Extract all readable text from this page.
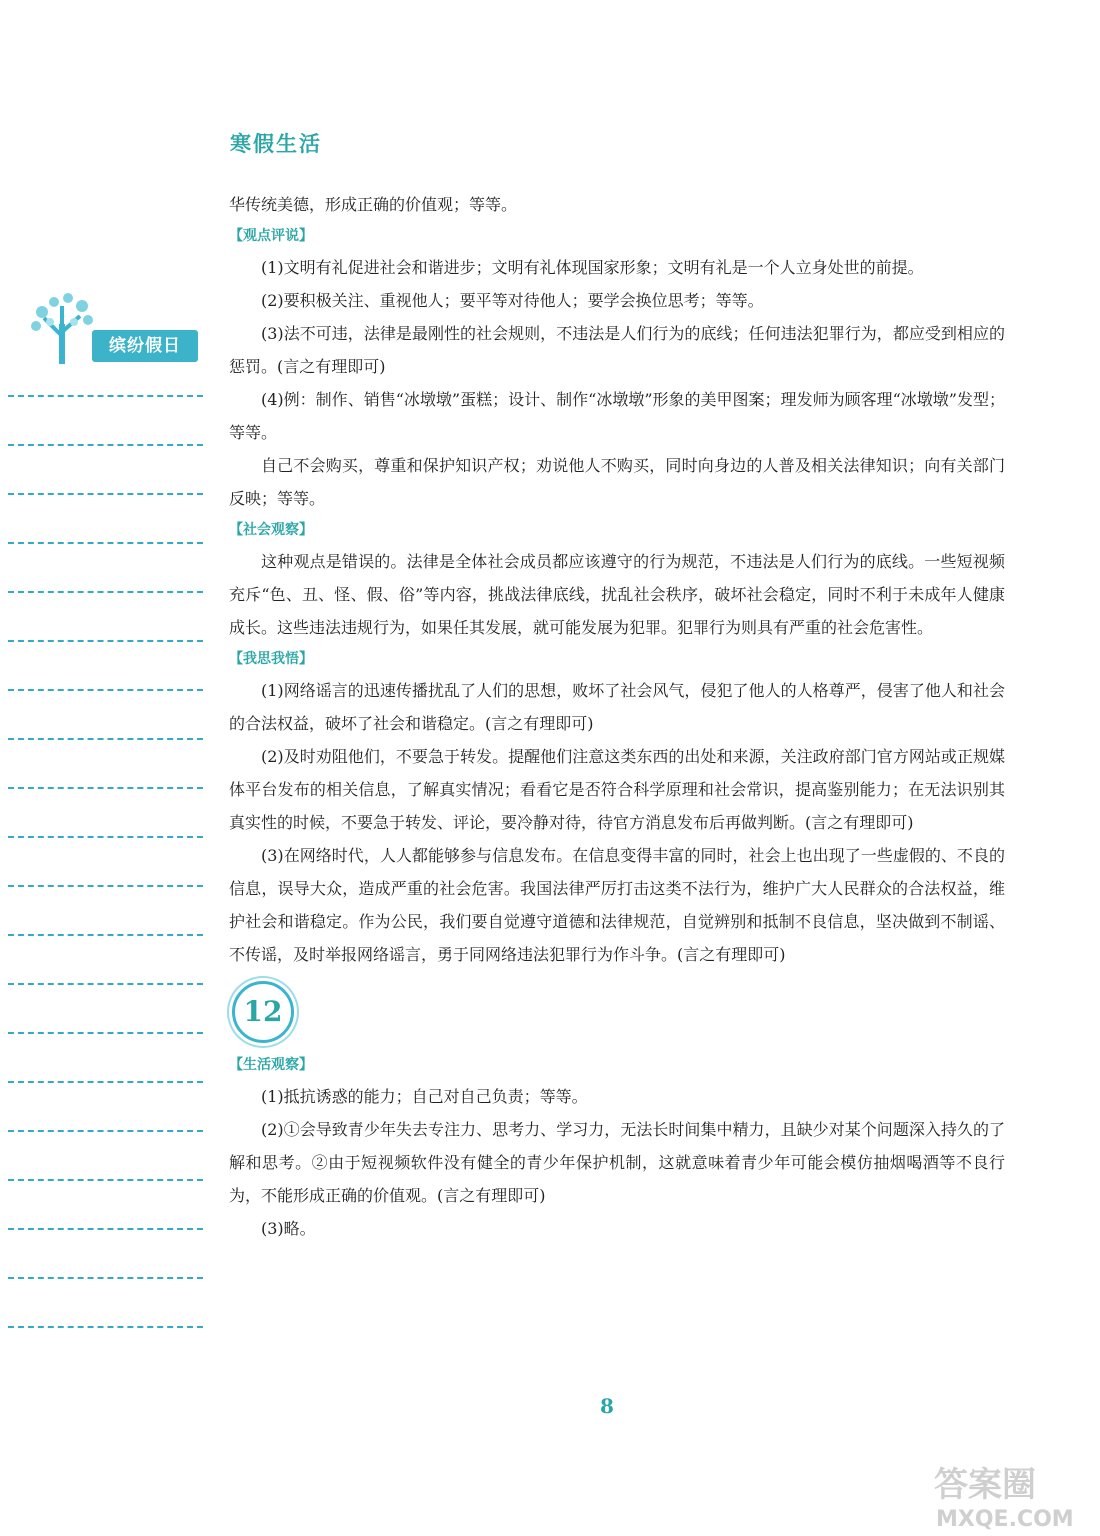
寒假生活
缤纷假日

华传统美德，形成正确的价值观；等等。

【观点评说】

(1)文明有礼促进社会和谐进步；文明有礼体现国家形象；文明有礼是一个人立身处世的前提。

(2)要积极关注、重视他人；要平等对待他人；要学会换位思考；等等。

(3)法不可违，法律是最刚性的社会规则，不违法是人们行为的底线；任何违法犯罪行为，都应受到相应的惩罚。(言之有理即可)

(4)例：制作、销售“冰墩墩”蛋糕；设计、制作“冰墩墩”形象的美甲图案；理发师为顾客理“冰墩墩”发型；等等。

自己不会购买，尊重和保护知识产权；劝说他人不购买，同时向身边的人普及相关法律知识；向有关部门反映；等等。

【社会观察】

这种观点是错误的。法律是全体社会成员都应该遵守的行为规范，不违法是人们行为的底线。一些短视频充斥“色、丑、怪、假、俗”等内容，挑战法律底线，扰乱社会秩序，破坏社会稳定，同时不利于未成年人健康成长。这些违法违规行为，如果任其发展，就可能发展为犯罪。犯罪行为则具有严重的社会危害性。

【我思我悟】

(1)网络谣言的迅速传播扰乱了人们的思想，败坏了社会风气，侵犯了他人的人格尊严，侵害了他人和社会的合法权益，破坏了社会和谐稳定。(言之有理即可)

(2)及时劝阻他们，不要急于转发。提醒他们注意这类东西的出处和来源，关注政府部门官方网站或正规媒体平台发布的相关信息，了解真实情况；看看它是否符合科学原理和社会常识，提高鉴别能力；在无法识别其真实性的时候，不要急于转发、评论，要冷静对待，待官方消息发布后再做判断。(言之有理即可)

(3)在网络时代，人人都能够参与信息发布。在信息变得丰富的同时，社会上也出现了一些虚假的、不良的信息，误导大众，造成严重的社会危害。我国法律严厉打击这类不法行为，维护广大人民群众的合法权益，维护社会和谐稳定。作为公民，我们要自觉遵守道德和法律规范，自觉辨别和抵制不良信息，坚决做到不制谣、不传谣，及时举报网络谣言，勇于同网络违法犯罪行为作斗争。(言之有理即可)

12
【生活观察】

(1)抵抗诱惑的能力；自己对自己负责；等等。

(2)①会导致青少年失去专注力、思考力、学习力，无法长时间集中精力，且缺少对某个问题深入持久的了解和思考。②由于短视频软件没有健全的青少年保护机制，这就意味着青少年可能会模仿抽烟喝酒等不良行为，不能形成正确的价值观。(言之有理即可)

(3)略。

8
答案圈
MXQE.COM
